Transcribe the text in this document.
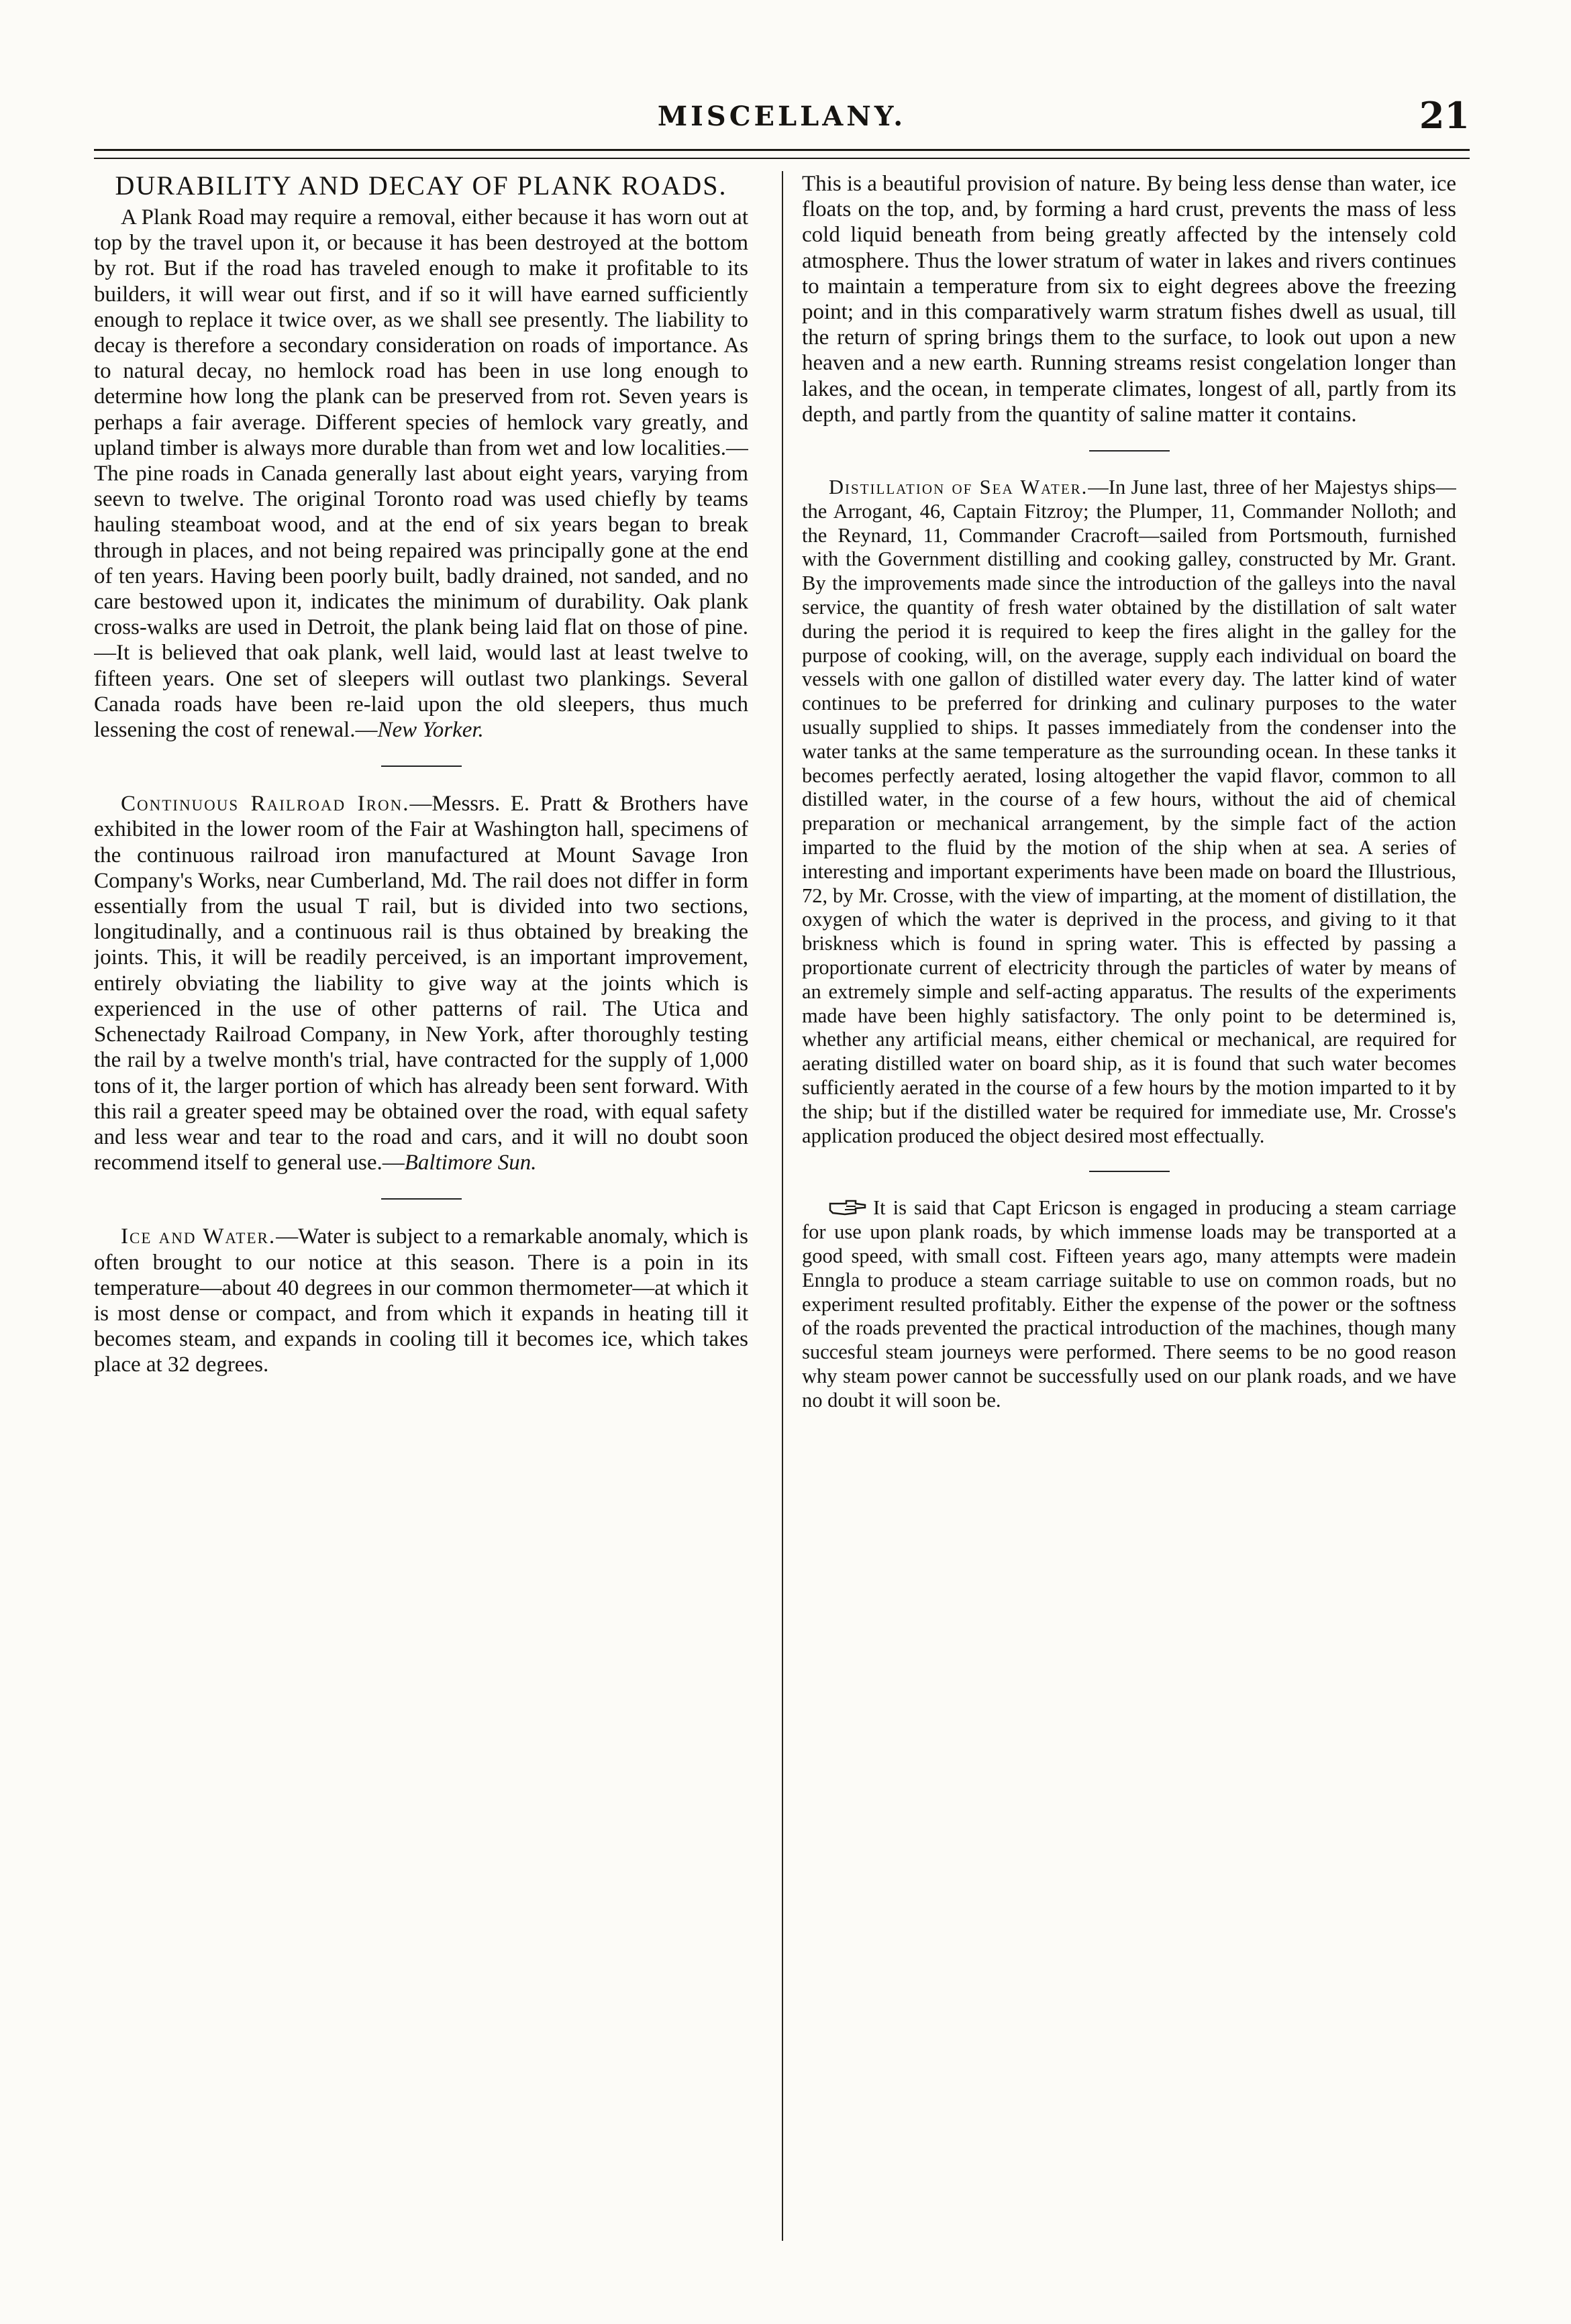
MISCELLANY.	21
DURABILITY AND DECAY OF PLANK ROADS.

A Plank Road may require a removal, either because it has worn out at top by the travel upon it, or because it has been destroyed at the bottom by rot. But if the road has traveled enough to make it profitable to its builders, it will wear out first, and if so it will have earned sufficiently enough to replace it twice over, as we shall see presently. The liability to decay is therefore a secondary consideration on roads of importance. As to natural decay, no hemlock road has been in use long enough to determine how long the plank can be preserved from rot. Seven years is perhaps a fair average. Different species of hemlock vary greatly, and upland timber is always more durable than from wet and low localities.—The pine roads in Canada generally last about eight years, varying from seevn to twelve. The original Toronto road was used chiefly by teams hauling steamboat wood, and at the end of six years began to break through in places, and not being repaired was principally gone at the end of ten years. Having been poorly built, badly drained, not sanded, and no care bestowed upon it, indicates the minimum of durability. Oak plank cross-walks are used in Detroit, the plank being laid flat on those of pine.—It is believed that oak plank, well laid, would last at least twelve to fifteen years. One set of sleepers will outlast two plankings. Several Canada roads have been re-laid upon the old sleepers, thus much lessening the cost of renewal.—New Yorker.

Continuous Railroad Iron.—Messrs. E. Pratt & Brothers have exhibited in the lower room of the Fair at Washington hall, specimens of the continuous railroad iron manufactured at Mount Savage Iron Company's Works, near Cumberland, Md. The rail does not differ in form essentially from the usual T rail, but is divided into two sections, longitudinally, and a continuous rail is thus obtained by breaking the joints. This, it will be readily perceived, is an important improvement, entirely obviating the liability to give way at the joints which is experienced in the use of other patterns of rail. The Utica and Schenectady Railroad Company, in New York, after thoroughly testing the rail by a twelve month's trial, have contracted for the supply of 1,000 tons of it, the larger portion of which has already been sent forward. With this rail a greater speed may be obtained over the road, with equal safety and less wear and tear to the road and cars, and it will no doubt soon recommend itself to general use.—Baltimore Sun.

Ice and Water.—Water is subject to a remarkable anomaly, which is often brought to our notice at this season. There is a poin in its temperature—about 40 degrees in our common thermometer—at which it is most dense or compact, and from which it expands in heating till it becomes steam, and expands in cooling till it becomes ice, which takes place at 32 degrees.

This is a beautiful provision of nature. By being less dense than water, ice floats on the top, and, by forming a hard crust, prevents the mass of less cold liquid beneath from being greatly affected by the intensely cold atmosphere. Thus the lower stratum of water in lakes and rivers continues to maintain a temperature from six to eight degrees above the freezing point; and in this comparatively warm stratum fishes dwell as usual, till the return of spring brings them to the surface, to look out upon a new heaven and a new earth. Running streams resist congelation longer than lakes, and the ocean, in temperate climates, longest of all, partly from its depth, and partly from the quantity of saline matter it contains.

Distillation of Sea Water.—In June last, three of her Majestys ships—the Arrogant, 46, Captain Fitzroy; the Plumper, 11, Commander Nolloth; and the Reynard, 11, Commander Cracroft—sailed from Portsmouth, furnished with the Government distilling and cooking galley, constructed by Mr. Grant. By the improvements made since the introduction of the galleys into the naval service, the quantity of fresh water obtained by the distillation of salt water during the period it is required to keep the fires alight in the galley for the purpose of cooking, will, on the average, supply each individual on board the vessels with one gallon of distilled water every day. The latter kind of water continues to be preferred for drinking and culinary purposes to the water usually supplied to ships. It passes immediately from the condenser into the water tanks at the same temperature as the surrounding ocean. In these tanks it becomes perfectly aerated, losing altogether the vapid flavor, common to all distilled water, in the course of a few hours, without the aid of chemical preparation or mechanical arrangement, by the simple fact of the action imparted to the fluid by the motion of the ship when at sea. A series of interesting and important experiments have been made on board the Illustrious, 72, by Mr. Crosse, with the view of imparting, at the moment of distillation, the oxygen of which the water is deprived in the process, and giving to it that briskness which is found in spring water. This is effected by passing a proportionate current of electricity through the particles of water by means of an extremely simple and self-acting apparatus. The results of the experiments made have been highly satisfactory. The only point to be determined is, whether any artificial means, either chemical or mechanical, are required for aerating distilled water on board ship, as it is found that such water becomes sufficiently aerated in the course of a few hours by the motion imparted to it by the ship; but if the distilled water be required for immediate use, Mr. Crosse's application produced the object desired most effectually.

It is said that Capt Ericson is engaged in producing a steam carriage for use upon plank roads, by which immense loads may be transported at a good speed, with small cost. Fifteen years ago, many attempts were madein Enngla to produce a steam carriage suitable to use on common roads, but no experiment resulted profitably. Either the expense of the power or the softness of the roads prevented the practical introduction of the machines, though many succesful steam journeys were performed. There seems to be no good reason why steam power cannot be successfully used on our plank roads, and we have no doubt it will soon be.
